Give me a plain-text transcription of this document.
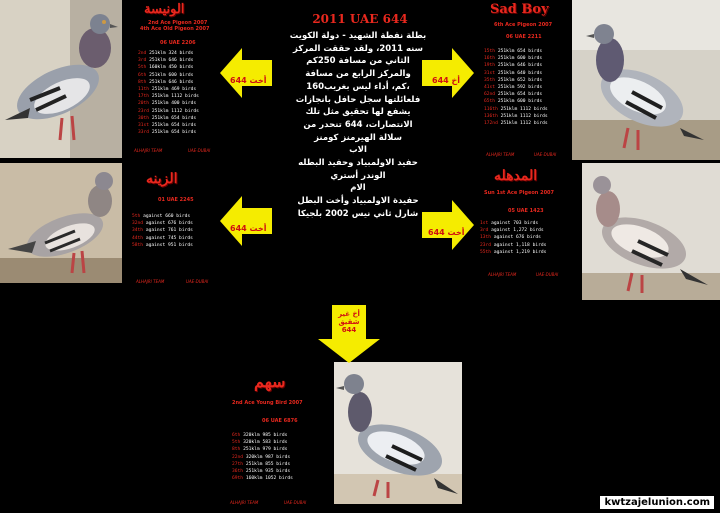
الونيسة
2nd Ace Pigeon 2007
4th Ace Old Pigeon 2007
06 UAE 2206
2nd 251klm 324 birds
3rd 251klm 646 birds
5th 160klm 450 birds
6th 251klm 600 birds
8th 251klm 646 birds
11th 251klm 469 birds
17th 251klm 1112 birds
20th 251klm 400 birds
23rd 251klm 1112 birds
30th 251klm 654 birds
31st 251klm 654 birds
33rd 251klm 654 birds
ALHAJRI TEAM	UAE-DUBAI
الزينه
01 UAE 2245
5th against 660 birds
32nd against 676 birds
34th against 761 birds
44th against 745 birds
58th against 951 birds
ALHAJRI TEAM	UAE-DUBAI
Sad Boy
6th Ace Pigeon 2007
06 UAE 2211
15th 251klm 654 birds
16th 251klm 600 birds
19th 251klm 646 birds
31st 251klm 640 birds
35th 251klm 652 birds
41st 251klm 592 birds
62nd 251klm 654 birds
65th 251klm 600 birds
116th 251klm 1112 birds
136th 251klm 1112 birds
172nd 251klm 1112 birds
ALHAJRI TEAM	UAE-DUBAI
المدهله
Sun 1st Ace Pigeon 2007
05 UAE 1423
1st against 703 birds
3rd against 1,272 birds
13th against 676 birds
23rd against 1,118 birds
55th against 1,219 birds
ALHAJRI TEAM	UAE-DUBAI
سهم
2nd Ace Young Bird 2007
06 UAE 6876
6th 320klm 985 birds
5th 320klm 583 birds
8th 251klm 979 birds
22nd 320klm 987 birds
27th 251klm 855 birds
36th 251klm 935 birds
69th 160klm 1052 birds
ALHAJRI TEAM	UAE-DUBAI
2011 UAE 644
بطلة نفطة الشهيد - دولة الكويت
سنه 2011، ولقد حققت المركز
الثاني من مسافة 250كم
والمركز الرابع من مسافة
160كم، أداء ليس بغريب،
فلعائلتها سجل حافل بانجازات
يشفع لها تحقيق مثل تلك
الانتصارات، 644 تنحدر من
سلالة الهيرمنز كومنز
الاب
حفيد الاولمبياد وحفيد البطله
الوندر أستري
الام
حفيدة الاولمبياد وأخت البطل
شارل ثاني نيس 2002 بلجيكا
أخت 644	أخ 644
أخت 644	أخت 644
أخ غير شقيق 644
kwtzajelunion.com
